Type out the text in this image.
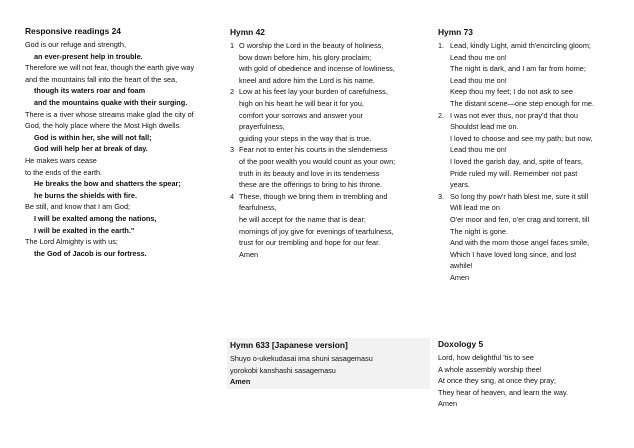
Responsive readings 24
God is our refuge and strength,
an ever-present help in trouble.
Therefore we will not fear, though the earth give way
and the mountains fall into the heart of the sea,
though its waters roar and foam
and the mountains quake with their surging.
There is a river whose streams make glad the city of
God, the holy place where the Most High dwells.
God is within her, she will not fall;
God will help her at break of day.
He makes wars cease
to the ends of the earth.
He breaks the bow and shatters the spear;
he burns the shields with fire.
Be still, and know that I am God;
I will be exalted among the nations,
I will be exalted in the earth."
The Lord Almighty is with us;
the God of Jacob is our fortress.
Hymn 42
1 O worship the Lord in the beauty of holiness,
bow down before him, his glory proclaim;
with gold of obedience and incense of lowliness,
kneel and adore him the Lord is his name.
2 Low at his feet lay your burden of carefulness,
high on his heart he will bear it for you,
comfort your sorrows and answer your
prayerfulness,
guiding your steps in the way that is true.
3 Fear not to enter his courts in the slenderness
of the poor wealth you would count as your own;
truth in its beauty and love in its tenderness
these are the offerings to bring to his throne.
4 These, though we bring them in trembling and
fearfulness,
he will accept for the name that is dear;
mornings of joy give for evenings of tearfulness,
trust for our trembling and hope for our fear.
Amen
Hymn 73
1. Lead, kindly Light, amid th'encircling gloom;
Lead thou me on!
The night is dark, and I am far from home;
Lead thou me on!
Keep thou my feet; I do not ask to see
The distant scene—one step enough for me.
2. I was not ever thus, nor pray'd that thou
Shouldst lead me on.
I loved to choose and see my path; but now,
Lead thou me on!
I loved the garish day, and, spite of fears,
Pride ruled my will. Remember not past
years.
3. So long thy pow'r hath blest me, sure it still
Will lead me on
O'er moor and fen, o'er crag and torrent, till
The night is gone.
And with the morn those angel faces smile,
Which I have loved long since, and lost
awhile!
Amen
Hymn 633 [Japanese version]
Shuyo o-ukekudasai ima shuni sasagemasu
yorokobi kanshashi sasagemasu
Amen
Doxology 5
Lord, how delightful 'tis to see
A whole assembly worship thee!
At once they sing, at once they pray;
They hear of heaven, and learn the way.
Amen
